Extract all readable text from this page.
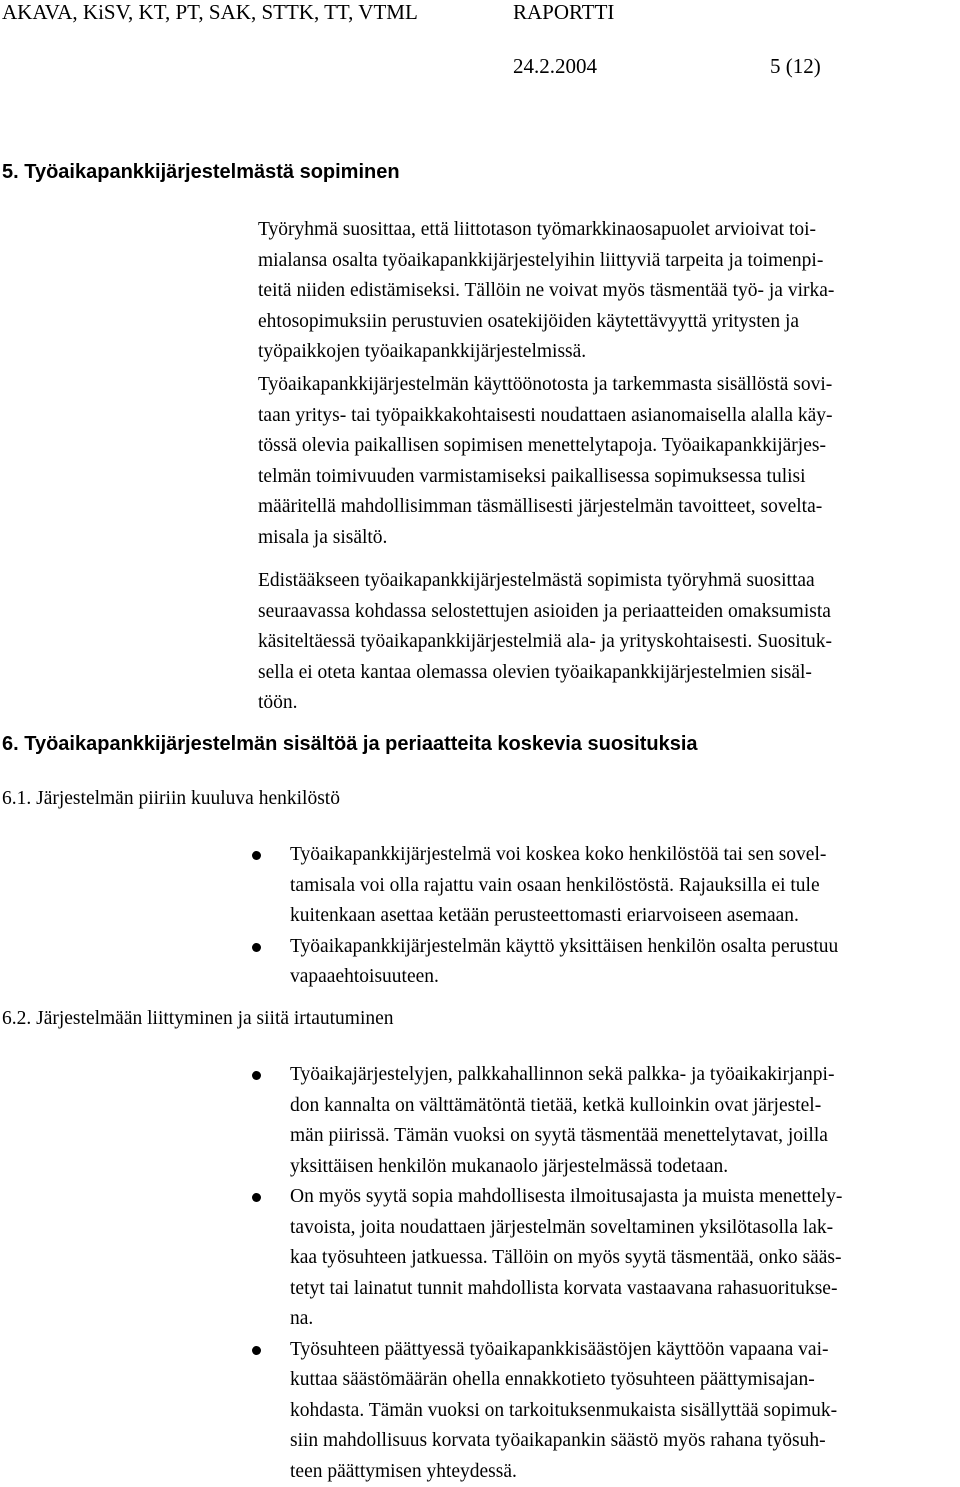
AKAVA, KiSV, KT, PT, SAK, STTK, TT, VTML	RAPORTTI
24.2.2004	5 (12)
5. Työaikapankkijärjestelmästä sopiminen
Työryhmä suosittaa, että liittotason työmarkkinaosapuolet arvioivat toi-
mialansa osalta työaikapankkijärjestelyihin liittyviä tarpeita ja toimenpi-
teitä niiden edistämiseksi. Tällöin ne voivat myös täsmentää työ- ja virka-
ehtosopimuksiin perustuvien osatekijöiden käytettävyyttä yritysten ja
työpaikkojen työaikapankkijärjestelmissä.
Työaikapankkijärjestelmän käyttöönotosta ja tarkemmasta sisällöstä sovi-
taan yritys- tai työpaikkakohtaisesti noudattaen asianomaisella alalla käy-
tössä olevia paikallisen sopimisen menettelytapoja. Työaikapankkijärjes-
telmän toimivuuden varmistamiseksi paikallisessa sopimuksessa tulisi
määritellä mahdollisimman täsmällisesti järjestelmän tavoitteet, soveltа-
misala ja sisältö.
Edistääkseen työaikapankkijärjestelmästä sopimista työryhmä suosittaa
seuraavassa kohdassa selostettujen asioiden ja periaatteiden omaksumista
käsiteltäessä työaikapankkijärjestelmiä ala- ja yrityskohtaisesti. Suosituk-
sella ei oteta kantaa olemassa olevien työaikapankkijärjestelmien sisäl-
töön.
6. Työaikapankkijärjestelmän sisältöä ja periaatteita koskevia suosituksia
6.1. Järjestelmän piiriin kuuluva henkilöstö
Työaikapankkijärjestelmä voi koskea koko henkilöstöä tai sen sovel-
tamisala voi olla rajattu vain osaan henkilöstöstä. Rajauksilla ei tule
kuitenkaan asettaa ketään perusteettomasti eriarvoiseen asemaan.
Työaikapankkijärjestelmän käyttö yksittäisen henkilön osalta perustuu
vapaaehtoisuuteen.
6.2. Järjestelmään liittyminen ja siitä irtautuminen
Työaikajärjestelyjen, palkkahallinnon sekä palkka- ja työaikakirjanpi-
don kannalta on välttämätöntä tietää, ketkä kulloinkin ovat järjestel-
män piirissä. Tämän vuoksi on syytä täsmentää menettelytavat, joilla
yksittäisen henkilön mukanaolo järjestelmässä todetaan.
On myös syytä sopia mahdollisesta ilmoitusajasta ja muista menettely-
tavoista, joita noudattaen järjestelmän soveltaminen yksilötasolla lak-
kaa työsuhteen jatkuessa. Tällöin on myös syytä täsmentää, onko sääs-
tetyt tai lainatut tunnit mahdollista korvata vastaavana rahasuoritukse-
na.
Työsuhteen päättyessä työaikapankkisäästöjen käyttöön vapaana vai-
kuttaa säästömäärän ohella ennakkotieto työsuhteen päättymisajan-
kohdasta. Tämän vuoksi on tarkoituksenmukaista sisällyttää sopimuk-
siin mahdollisuus korvata työaikapankin säästö myös rahana työsuh-
teen päättymisen yhteydessä.
